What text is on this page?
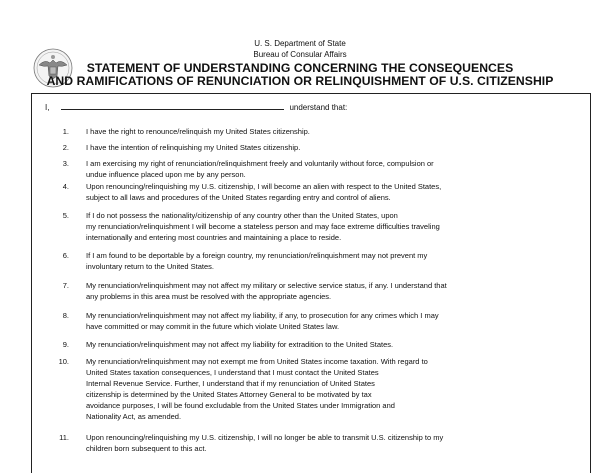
U. S. Department of State
Bureau of Consular Affairs
STATEMENT OF UNDERSTANDING CONCERNING THE CONSEQUENCES
AND RAMIFICATIONS OF RENUNCIATION OR RELINQUISHMENT OF U.S. CITIZENSHIP
I,	understand that:
1. I have the right to renounce/relinquish my United States citizenship.
2. I have the intention of relinquishing my United States citizenship.
3. I am exercising my right of renunciation/relinquishment freely and voluntarily without force, compulsion or
undue influence placed upon me by any person.
4. Upon renouncing/relinquishing my U.S. citizenship, I will become an alien with respect to the United States,
subject to all laws and procedures of the United States regarding entry and control of aliens.
5. If I do not possess the nationality/citizenship of any country other than the United States, upon
my renunciation/relinquishment I will become a stateless person and may face extreme difficulties traveling
internationally and entering most countries and maintaining a place to reside.
6. If I am found to be deportable by a foreign country, my renunciation/relinquishment may not prevent my
involuntary return to the United States.
7. My renunciation/relinquishment may not affect my military or selective service status, if any. I understand that
any problems in this area must be resolved with the appropriate agencies.
8. My renunciation/relinquishment may not affect my liability, if any, to prosecution for any crimes which I may
have committed or may commit in the future which violate United States law.
9. My renunciation/relinquishment may not affect my liability for extradition to the United States.
10. My renunciation/relinquishment may not exempt me from United States income taxation. With regard to
United States taxation consequences, I understand that I must contact the United States
Internal Revenue Service. Further, I understand that if my renunciation of United States
citizenship is determined by the United States Attorney General to be motivated by tax
avoidance purposes, I will be found excludable from the United States under Immigration and
Nationality Act, as amended.
11. Upon renouncing/relinquishing my U.S. citizenship, I will no longer be able to transmit U.S. citizenship to my
children born subsequent to this act.
